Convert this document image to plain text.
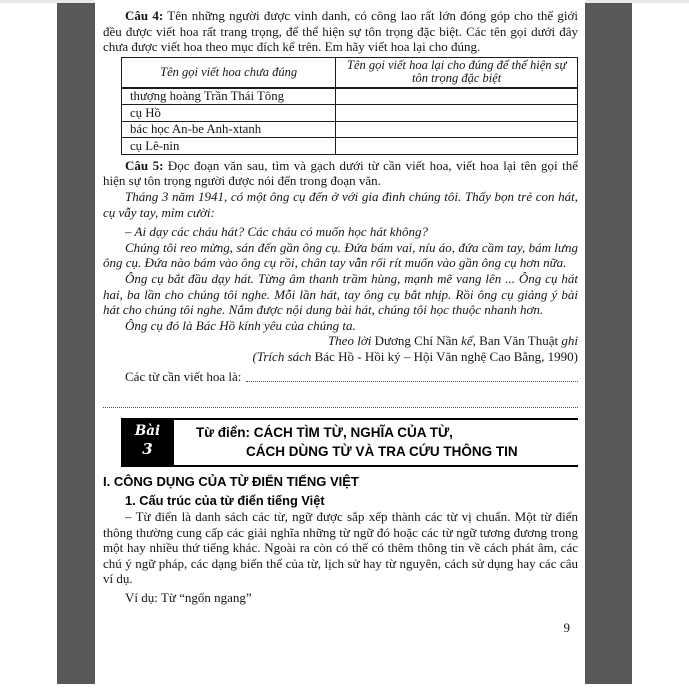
Câu 4: Tên những người được vinh danh, có công lao rất lớn đóng góp cho thế giới đều được viết hoa rất trang trọng, để thể hiện sự tôn trọng đặc biệt. Các tên gọi dưới đây chưa được viết hoa theo mục đích kể trên. Em hãy viết hoa lại cho đúng.

Tên gọi viết hoa chưa đúng	Tên gọi viết hoa lại cho đúng để thể hiện sự tôn trọng đặc biệt
thượng hoàng Trần Thái Tông	
cụ Hồ	
bác học An-be Anh-xtanh	
cụ Lê-nin	

Câu 5: Đọc đoạn văn sau, tìm và gạch dưới từ cần viết hoa, viết hoa lại tên gọi thể hiện sự tôn trọng người được nói đến trong đoạn văn.

Tháng 3 năm 1941, có một ông cụ đến ở với gia đình chúng tôi. Thấy bọn trẻ con hát, cụ vẫy tay, mỉm cười:

– Ai dạy các cháu hát? Các cháu có muốn học hát không?

Chúng tôi reo mừng, sán đến gần ông cụ. Đứa bám vai, níu áo, đứa cầm tay, bám lưng ông cụ. Đứa nào bám vào ông cụ rồi, chân tay vẫn rối rít muốn vào gần ông cụ hơn nữa.

Ông cụ bắt đầu dạy hát. Từng âm thanh trầm hùng, mạnh mẽ vang lên ... Ông cụ hát hai, ba lần cho chúng tôi nghe. Mỗi lần hát, tay ông cụ bắt nhịp. Rồi ông cụ giảng ý bài hát cho chúng tôi nghe. Nắm được nội dung bài hát, chúng tôi học thuộc nhanh hơn.

Ông cụ đó là Bác Hồ kính yêu của chúng ta.

Theo lời Dương Chí Nần kể, Ban Văn Thuật ghi

(Trích sách Bác Hồ - Hồi ký – Hội Văn nghệ Cao Bằng, 1990)

Các từ cần viết hoa là:
Bài
3
Từ điển: CÁCH TÌM TỪ, NGHĨA CỦA TỪ,
CÁCH DÙNG TỪ VÀ TRA CỨU THÔNG TIN
I. CÔNG DỤNG CỦA TỪ ĐIỂN TIẾNG VIỆT
1. Cấu trúc của từ điển tiếng Việt

– Từ điển là danh sách các từ, ngữ được sắp xếp thành các từ vị chuẩn. Một từ điển thông thường cung cấp các giải nghĩa những từ ngữ đó hoặc các từ ngữ tương đương trong một hay nhiều thứ tiếng khác. Ngoài ra còn có thể có thêm thông tin về cách phát âm, các chú ý ngữ pháp, các dạng biến thể của từ, lịch sử hay từ nguyên, cách sử dụng hay các câu ví dụ.

Ví dụ: Từ “ngổn ngang”

9
